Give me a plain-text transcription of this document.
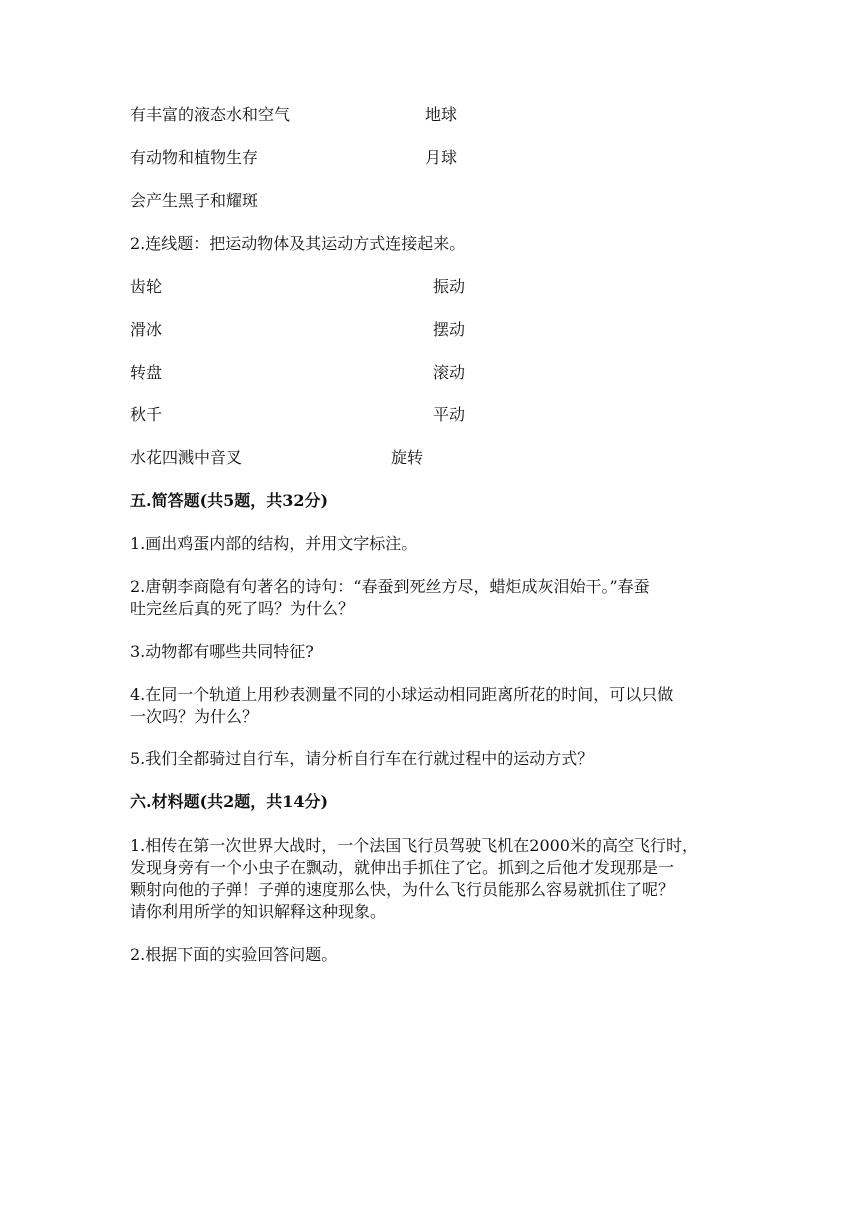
有丰富的液态水和空气	地球
有动物和植物生存	月球
会产生黑子和耀斑
2.连线题：把运动物体及其运动方式连接起来。
齿轮	振动
滑冰	摆动
转盘	滚动
秋千	平动
水花四溅中音叉	旋转
五.简答题(共5题，共32分)
1.画出鸡蛋内部的结构，并用文字标注。
2.唐朝李商隐有句著名的诗句：“春蚕到死丝方尽，蜡炬成灰泪始干。”春蚕
吐完丝后真的死了吗？为什么？
3.动物都有哪些共同特征?
4.在同一个轨道上用秒表测量不同的小球运动相同距离所花的时间，可以只做
一次吗？为什么？
5.我们全都骑过自行车，请分析自行车在行就过程中的运动方式？
六.材料题(共2题，共14分)
1.相传在第一次世界大战时，一个法国飞行员驾驶飞机在2000米的高空飞行时，
发现身旁有一个小虫子在飘动，就伸出手抓住了它。抓到之后他才发现那是一
颗射向他的子弹！子弹的速度那么快，为什么飞行员能那么容易就抓住了呢？
请你利用所学的知识解释这种现象。
2.根据下面的实验回答问题。
